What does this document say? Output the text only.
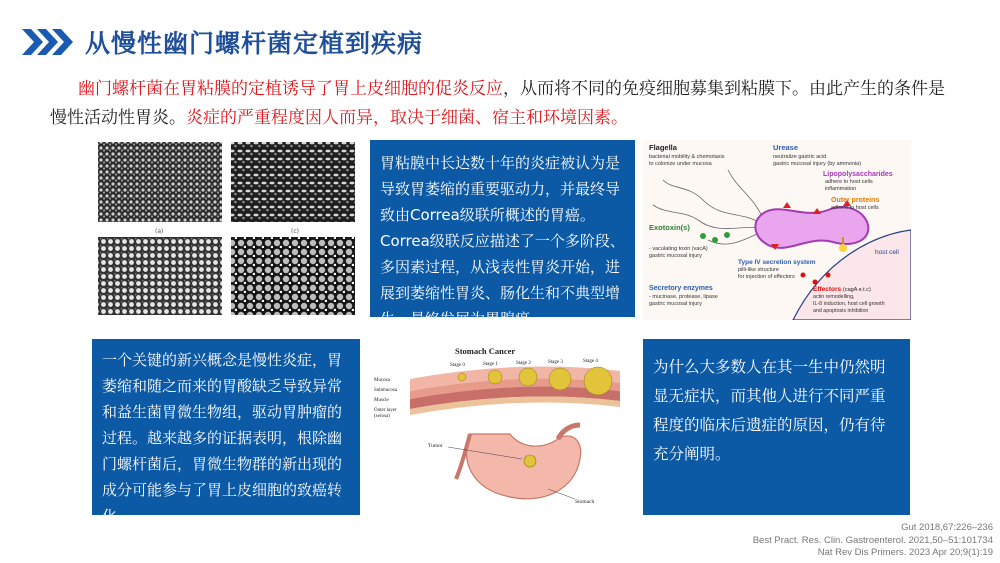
从慢性幽门螺杆菌定植到疾病
幽门螺杆菌在胃粘膜的定植诱导了胃上皮细胞的促炎反应，从而将不同的免疫细胞募集到粘膜下。由此产生的条件是慢性活动性胃炎。炎症的严重程度因人而异，取决于细菌、宿主和环境因素。
(a)	(c)
胃粘膜中长达数十年的炎症被认为是导致胃萎缩的重要驱动力，并最终导致由Correa级联所概述的胃癌。Correa级联反应描述了一个多阶段、多因素过程，从浅表性胃炎开始，进展到萎缩性胃炎、肠化生和不典型增生，最终发展为胃腺癌。
Flagella
bacterial mobility & chemotaxis
to colonize under mucosa
Urease
neutralize gastric acid
gastric mucosal injury (by ammonia)
Lipopolysaccharides
adhere to host cells
inflammation
Outer proteins
adhere to host cells
Exotoxin(s)
- vaculating toxin (vacA)
gastric mucosal injury
Type IV secretion system
pilli-like structure
for injection of effectors
host cell
Secretory enzymes
- mucinase, protease, lipase
gastric mucosal injury
Effectors (cagA e.t.c)
actin remodelling,
IL-8 induction, host cell growth
and apoptosis inhibition
一个关键的新兴概念是慢性炎症，胃萎缩和随之而来的胃酸缺乏导致异常和益生菌胃微生物组，驱动胃肿瘤的过程。越来越多的证据表明，根除幽门螺杆菌后，胃微生物群的新出现的成分可能参与了胃上皮细胞的致癌转化。
Stomach Cancer
Stage 0	Stage 1	Stage 2	Stage 3	Stage 4
Mucosa
Submucosa
Muscle
Outer layer
(serosa)
Tumor
Stomach
为什么大多数人在其一生中仍然明显无症状，而其他人进行不同严重程度的临床后遗症的原因，仍有待充分阐明。
Gut 2018,67:226–236
Best Pract. Res. Clin. Gastroenterol. 2021,50–51:101734
Nat Rev Dis Primers. 2023 Apr 20;9(1):19
